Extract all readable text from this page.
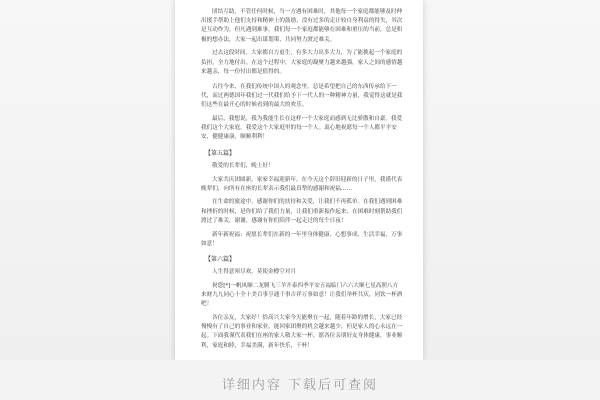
团结互助，不管任何时候，当一方遇有困难时，其他每一个家庭都能够及时伸出援手帮助上他们支持和精神上的鼓励，没有过多的走计较自身利益的得失，其次是互动作为。但凡遇到难事，我们每一个家庭都能够在困难和重压的当前，总是积极的想办法，大家一起出谋划策，共同努力渡过难关。

过去这段时间，大家都自力更生，有多大力出多大力，为了能挑起一个家庭的负担，全力地付出。在这个过程中，大家庭的凝聚力越来越强，家人之间的感情越来越亲，每一份付出都是值得的。

古往今来，在我们传统中国人的观念里，总是希望把自己的东西传承给下一代，而过两德国年我们过一代我们给予下一代人的一种精神力量，我觉得这就是我们这些在最开心的时候看到的最大的欢乐。

最后，我想说，我为我能生长在这样一个大家庭而感到无比骄傲和自豪。我爱我们这个大家庭，我爱这个大家庭里的每一个人。衷心地祝愿每一个人都平平安安，健健康康，顺顺利利！

【第五篇】

敬爱的长辈们，晚上好！

大家共庆团圆新，家家幸福迎新年。在今天这个辞旧迎新的日子里，我谨代表晚辈们，向所有在座的长辈表示我们最真挚的感谢和祝福……

在生命的旅途中，感谢你们的扶持和关爱，让我们不再孤单。在我们遇到困难和挫折的时候，是你们给了我们力量，让我们重新振作起来；在困难时刻帮助我们渡过了难关，谢谢，感谢有你们陪伴一起走过的每个日夜！

新年新祝福：祝愿长辈们在新的一年里身体健康、心想事成、生活幸福，万事如意！

【第六篇】

人生得意须尽欢，莫使金樽空对月

祝您[*]一帆风顺二龙腾飞三羊开泰四季平安五福临门六六大顺七星高照八方来财九九同心十全十美百事亨通千事吉祥万事如意！让我们举杯共庆，同饮一杯酒吧！

各位亲友，大家好！恰高兴大家今天能聚在一起，随着年龄的增长，大家已经慢慢有了自己的事业和家业，能回家团聚的机会越来越少，但是家人的心永远在一起。下面我谨代表我们在座的家人敬大家一杯，愿各位亲朋好友身体健康，事业顺利，家庭和睦，幸福美满，新年快乐，干杯！

详细内容 下载后可查阅
